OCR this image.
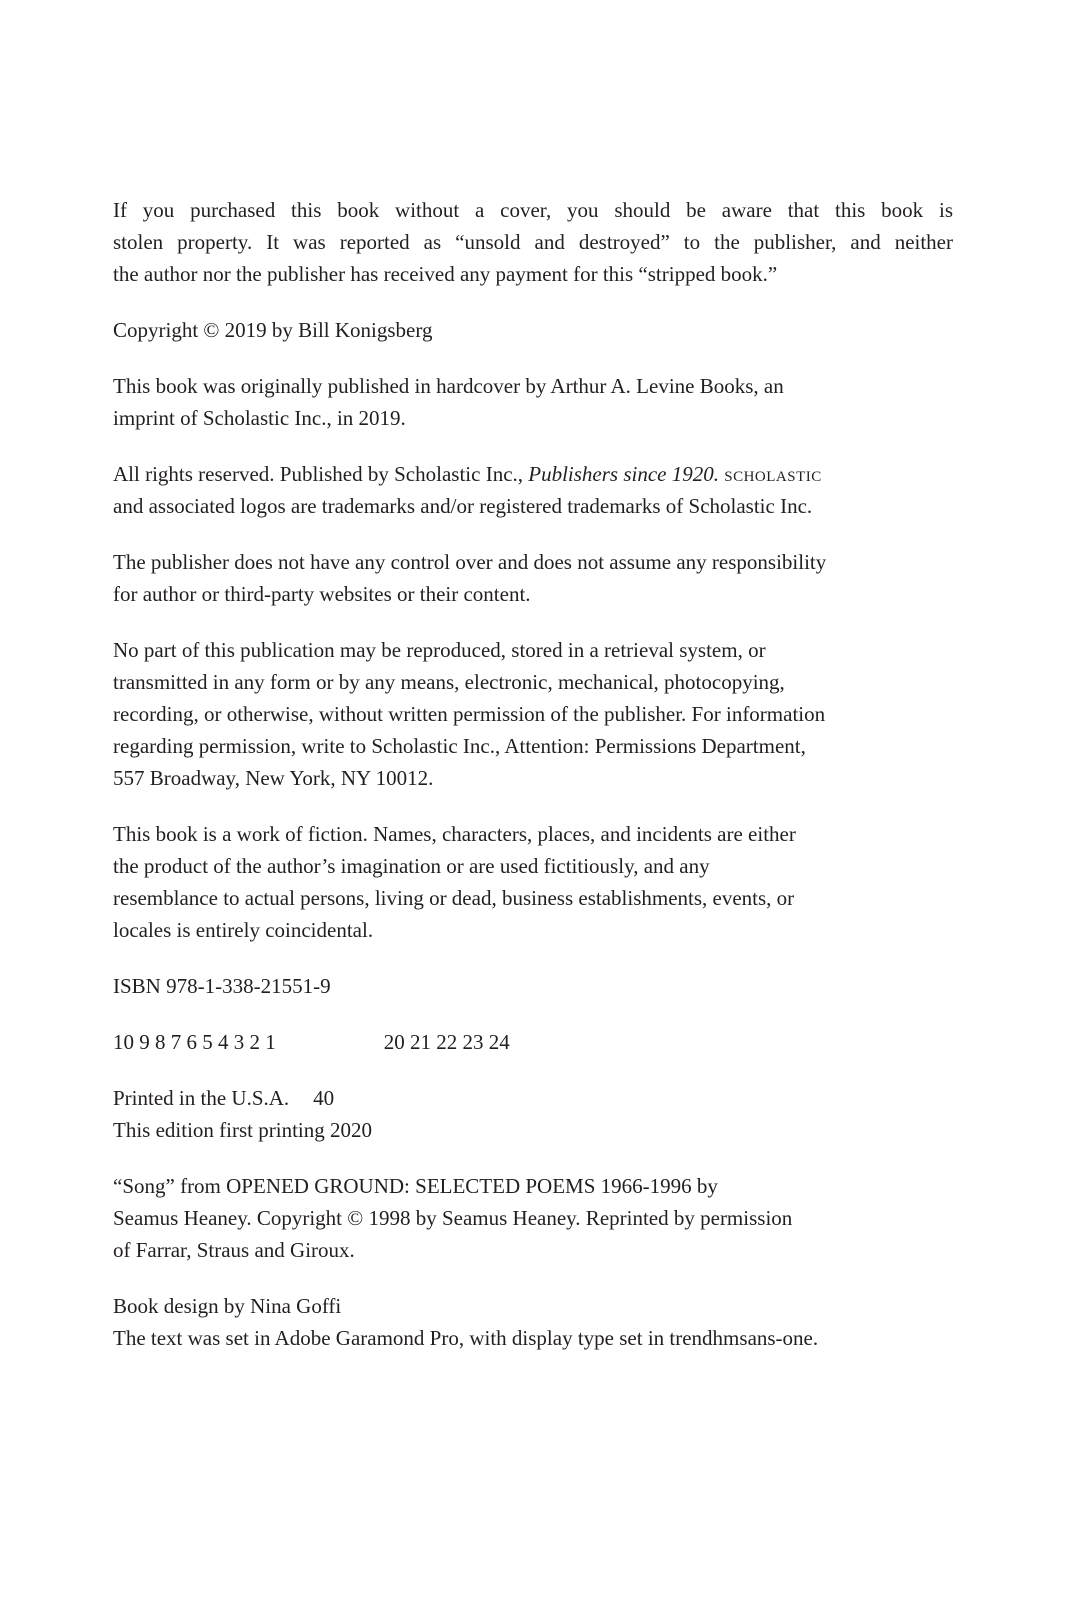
If you purchased this book without a cover, you should be aware that this book is
stolen property. It was reported as “unsold and destroyed” to the publisher, and neither
the author nor the publisher has received any payment for this “stripped book.”
Copyright © 2019 by Bill Konigsberg
This book was originally published in hardcover by Arthur A. Levine Books, an
imprint of Scholastic Inc., in 2019.
All rights reserved. Published by Scholastic Inc., Publishers since 1920. scholastic
and associated logos are trademarks and/or registered trademarks of Scholastic Inc.
The publisher does not have any control over and does not assume any responsibility
for author or third-party websites or their content.
No part of this publication may be reproduced, stored in a retrieval system, or
transmitted in any form or by any means, electronic, mechanical, photocopying,
recording, or otherwise, without written permission of the publisher. For information
regarding permission, write to Scholastic Inc., Attention: Permissions Department,
557 Broadway, New York, NY 10012.
This book is a work of fiction. Names, characters, places, and incidents are either
the product of the author’s imagination or are used fictitiously, and any
resemblance to actual persons, living or dead, business establishments, events, or
locales is entirely coincidental.
ISBN 978-1-338-21551-9
10 9 8 7 6 5 4 3 2 1	20 21 22 23 24
Printed in the U.S.A. 40
This edition first printing 2020
“Song” from OPENED GROUND: SELECTED POEMS 1966-1996 by
Seamus Heaney. Copyright © 1998 by Seamus Heaney. Reprinted by permission
of Farrar, Straus and Giroux.
Book design by Nina Goffi
The text was set in Adobe Garamond Pro, with display type set in trendhmsans-one.
